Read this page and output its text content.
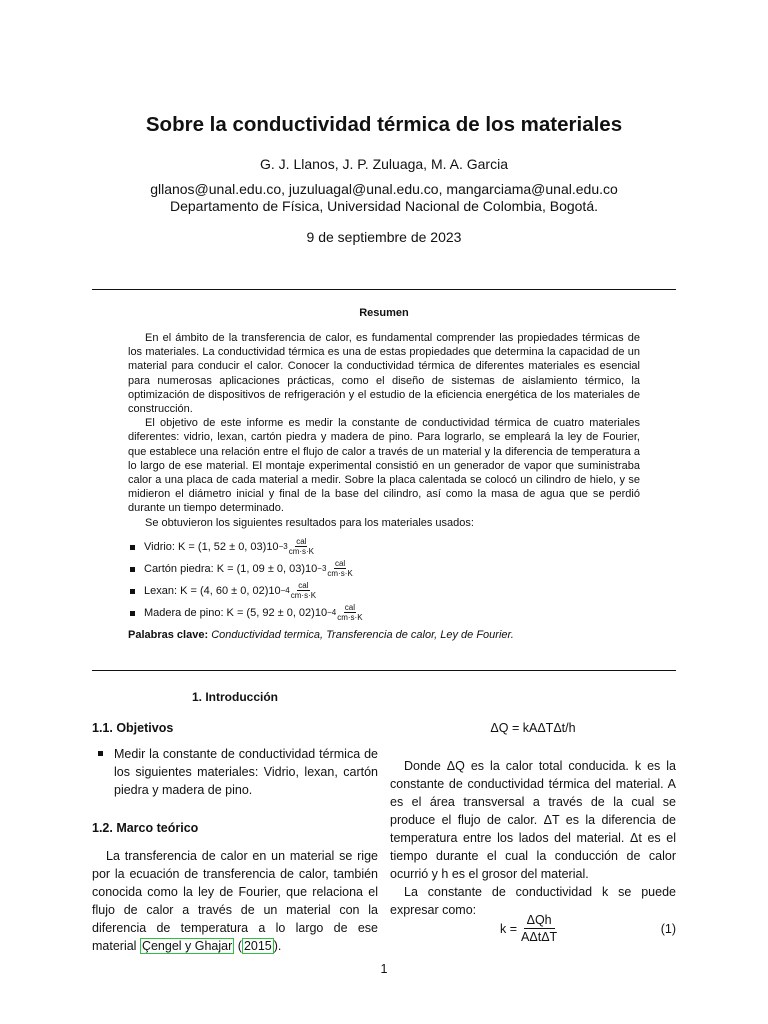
Sobre la conductividad térmica de los materiales
G. J. Llanos, J. P. Zuluaga, M. A. Garcia
gllanos@unal.edu.co, juzuluagal@unal.edu.co, mangarciama@unal.edu.co
Departamento de Física, Universidad Nacional de Colombia, Bogotá.
9 de septiembre de 2023
Resumen

En el ámbito de la transferencia de calor, es fundamental comprender las propiedades térmicas de los materiales. La conductividad térmica es una de estas propiedades que determina la capacidad de un material para conducir el calor. Conocer la conductividad térmica de diferentes materiales es esencial para numerosas aplicaciones prácticas, como el diseño de sistemas de aislamiento térmico, la optimización de dispositivos de refrigeración y el estudio de la eficiencia energética de los materiales de construcción.

El objetivo de este informe es medir la constante de conductividad térmica de cuatro materiales diferentes: vidrio, lexan, cartón piedra y madera de pino. Para lograrlo, se empleará la ley de Fourier, que establece una relación entre el flujo de calor a través de un material y la diferencia de temperatura a lo largo de ese material. El montaje experimental consistió en un generador de vapor que suministraba calor a una placa de cada material a medir. Sobre la placa calentada se colocó un cilindro de hielo, y se midieron el diámetro inicial y final de la base del cilindro, así como la masa de agua que se perdió durante un tiempo determinado.

Se obtuvieron los siguientes resultados para los materiales usados:

Vidrio: K = (1, 52 ± 0, $03)10 -3 \frac{\text{cal}}{cm\cdot s\cdot K}$
Cartón piedra: K = (1, 09 ± 0, $03)10 -3 \frac{\text{cal}}{cm\cdot s\cdot K}$
Lexan: K = (4, 60 ± 0, $02)10 -4 \frac{\text{cal}}{cm\cdot s\cdot K}$
Madera de pino: K = (5, 92 ± 0, $02)10 -4 \frac{\text{cal}}{cm\cdot s\cdot K}$
Palabras clave: Conductividad termica, Transferencia de calor, Ley de Fourier.
1. Introducción
1.1. Objetivos
Medir la constante de conductividad térmica de los siguientes materiales: Vidrio, lexan, cartón piedra y madera de pino.
1.2. Marco teórico

La transferencia de calor en un material se rige por la ecuación de transferencia de calor, también conocida como la ley de Fourier, que relaciona el flujo de calor a través de un material con la diferencia de temperatura a lo largo de ese material Çengel y Ghajar ( 2015 ).

ΔQ = kAΔTΔt/h

Donde ΔQ es la calor total conducida. k es la constante de conductividad térmica del material. A es el área transversal a través de la cual se produce el flujo de calor. ΔT es la diferencia de temperatura entre los lados del material. Δt es el tiempo durante el cual la conducción de calor ocurrió y h es el grosor del material.

La constante de conductividad k se puede expresar como:

k =
ΔQh
AΔtΔT
(1)
1
